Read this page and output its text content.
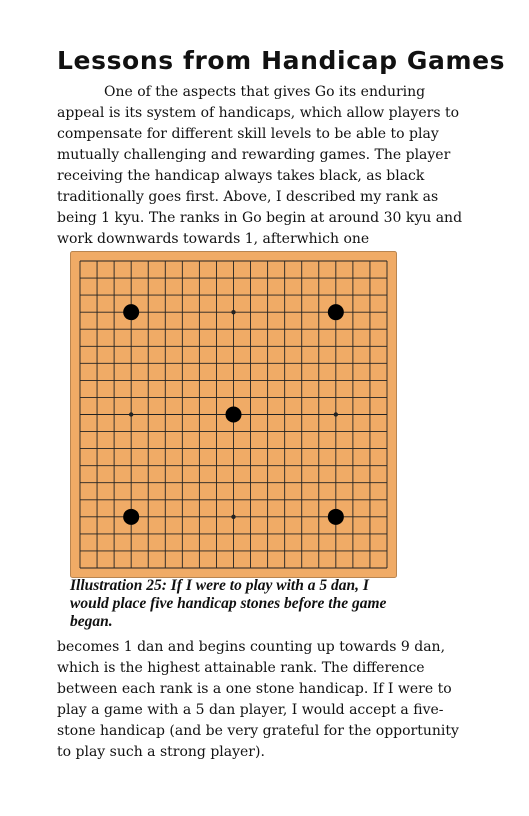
Lessons from Handicap Games

One of the aspects that gives Go its enduring appeal is its system of handicaps, which allow players to compensate for different skill levels to be able to play mutually challenging and rewarding games. The player receiving the handicap always takes black, as black traditionally goes first. Above, I described my rank as being 1 kyu. The ranks in Go begin at around 30 kyu and work downwards towards 1, afterwhich one

Illustration 25: If I were to play with a 5 dan, I would place five handicap stones before the game began.

becomes 1 dan and begins counting up towards 9 dan, which is the highest attainable rank. The difference between each rank is a one stone handicap. If I were to play a game with a 5 dan player, I would accept a five-stone handicap (and be very grateful for the opportunity to play such a strong player).
